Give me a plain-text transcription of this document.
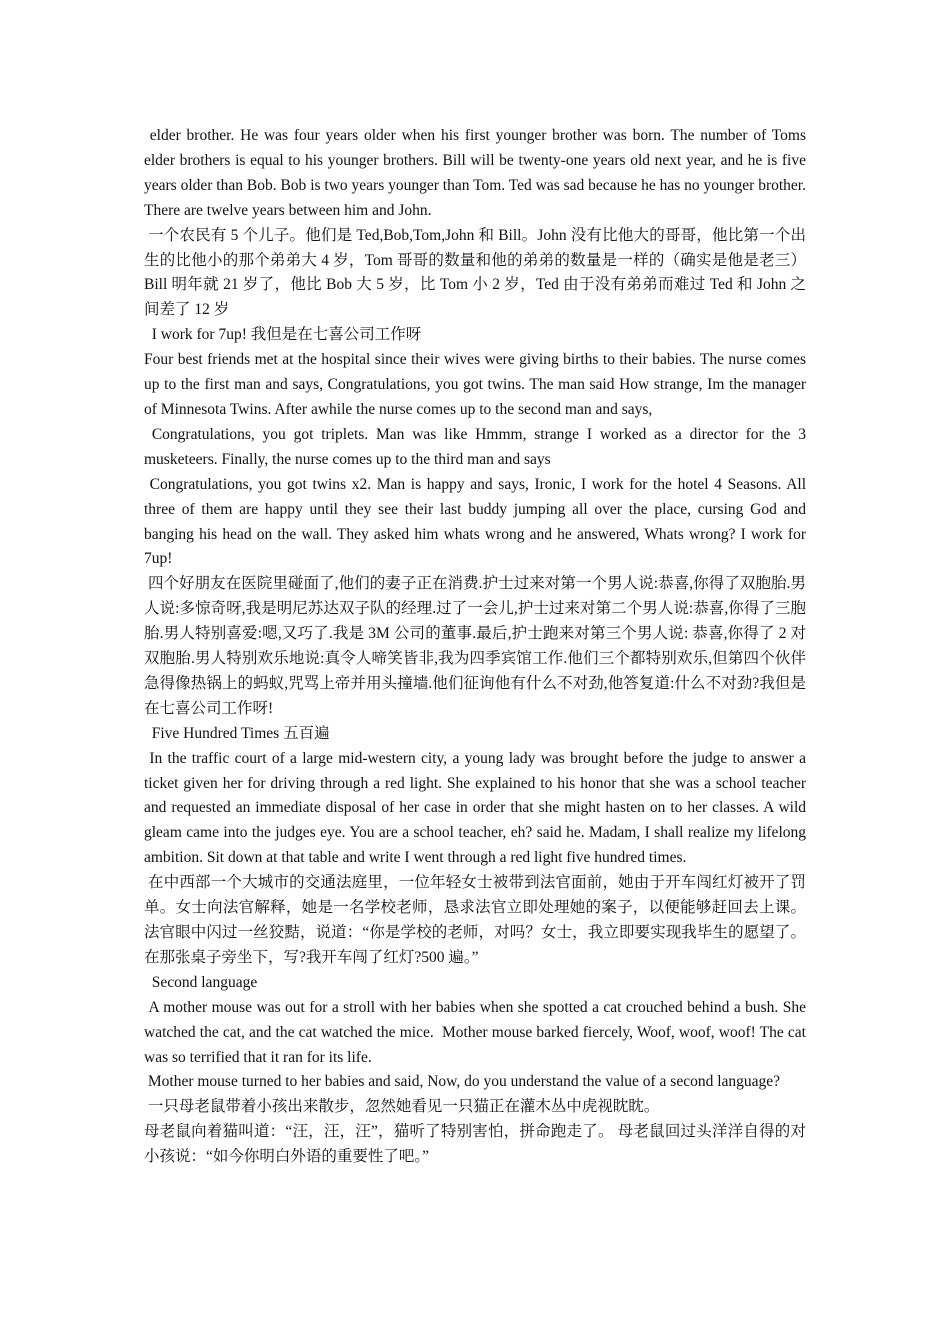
elder brother. He was four years older when his first younger brother was born. The number of Toms elder brothers is equal to his younger brothers. Bill will be twenty-one years old next year, and he is five years older than Bob. Bob is two years younger than Tom. Ted was sad because he has no younger brother. There are twelve years between him and John.

一个农民有 5 个儿子。他们是 Ted,Bob,Tom,John 和 Bill。John 没有比他大的哥哥，他比第一个出生的比他小的那个弟弟大 4 岁，Tom 哥哥的数量和他的弟弟的数量是一样的（确实是他是老三）Bill 明年就 21 岁了，他比 Bob 大 5 岁，比 Tom 小 2 岁，Ted 由于没有弟弟而难过 Ted 和 John 之间差了 12 岁

I work for 7up! 我但是在七喜公司工作呀

Four best friends met at the hospital since their wives were giving births to their babies. The nurse comes up to the first man and says, Congratulations, you got twins. The man said How strange, Im the manager of Minnesota Twins. After awhile the nurse comes up to the second man and says,

Congratulations, you got triplets. Man was like Hmmm, strange I worked as a director for the 3 musketeers. Finally, the nurse comes up to the third man and says

Congratulations, you got twins x2. Man is happy and says, Ironic, I work for the hotel 4 Seasons. All three of them are happy until they see their last buddy jumping all over the place, cursing God and banging his head on the wall. They asked him whats wrong and he answered, Whats wrong? I work for 7up!

四个好朋友在医院里碰面了,他们的妻子正在消费.护士过来对第一个男人说:恭喜,你得了双胞胎.男人说:多惊奇呀,我是明尼苏达双子队的经理.过了一会儿,护士过来对第二个男人说:恭喜,你得了三胞胎.男人特别喜爱:嗯,又巧了.我是 3M 公司的董事.最后,护士跑来对第三个男人说: 恭喜,你得了 2 对双胞胎.男人特别欢乐地说:真令人啼笑皆非,我为四季宾馆工作.他们三个都特别欢乐,但第四个伙伴急得像热锅上的蚂蚁,咒骂上帝并用头撞墙.他们征询他有什么不对劲,他答复道:什么不对劲?我但是在七喜公司工作呀!

Five Hundred Times 五百遍

In the traffic court of a large mid-western city, a young lady was brought before the judge to answer a ticket given her for driving through a red light. She explained to his honor that she was a school teacher and requested an immediate disposal of her case in order that she might hasten on to her classes. A wild gleam came into the judges eye. You are a school teacher, eh? said he. Madam, I shall realize my lifelong ambition. Sit down at that table and write I went through a red light five hundred times.

在中西部一个大城市的交通法庭里，一位年轻女士被带到法官面前，她由于开车闯红灯被开了罚单。女士向法官解释，她是一名学校老师，恳求法官立即处理她的案子，以便能够赶回去上课。法官眼中闪过一丝狡黠，说道：“你是学校的老师，对吗？女士，我立即要实现我毕生的愿望了。在那张桌子旁坐下，写?我开车闯了红灯?500 遍。”

Second language

A mother mouse was out for a stroll with her babies when she spotted a cat crouched behind a bush. She watched the cat, and the cat watched the mice.  Mother mouse barked fiercely, Woof, woof, woof! The cat was so terrified that it ran for its life.

Mother mouse turned to her babies and said, Now, do you understand the value of a second language?

一只母老鼠带着小孩出来散步，忽然她看见一只猫正在灌木丛中虎视眈眈。

母老鼠向着猫叫道：“汪，汪，汪”，猫听了特别害怕，拼命跑走了。 母老鼠回过头洋洋自得的对小孩说：“如今你明白外语的重要性了吧。”
